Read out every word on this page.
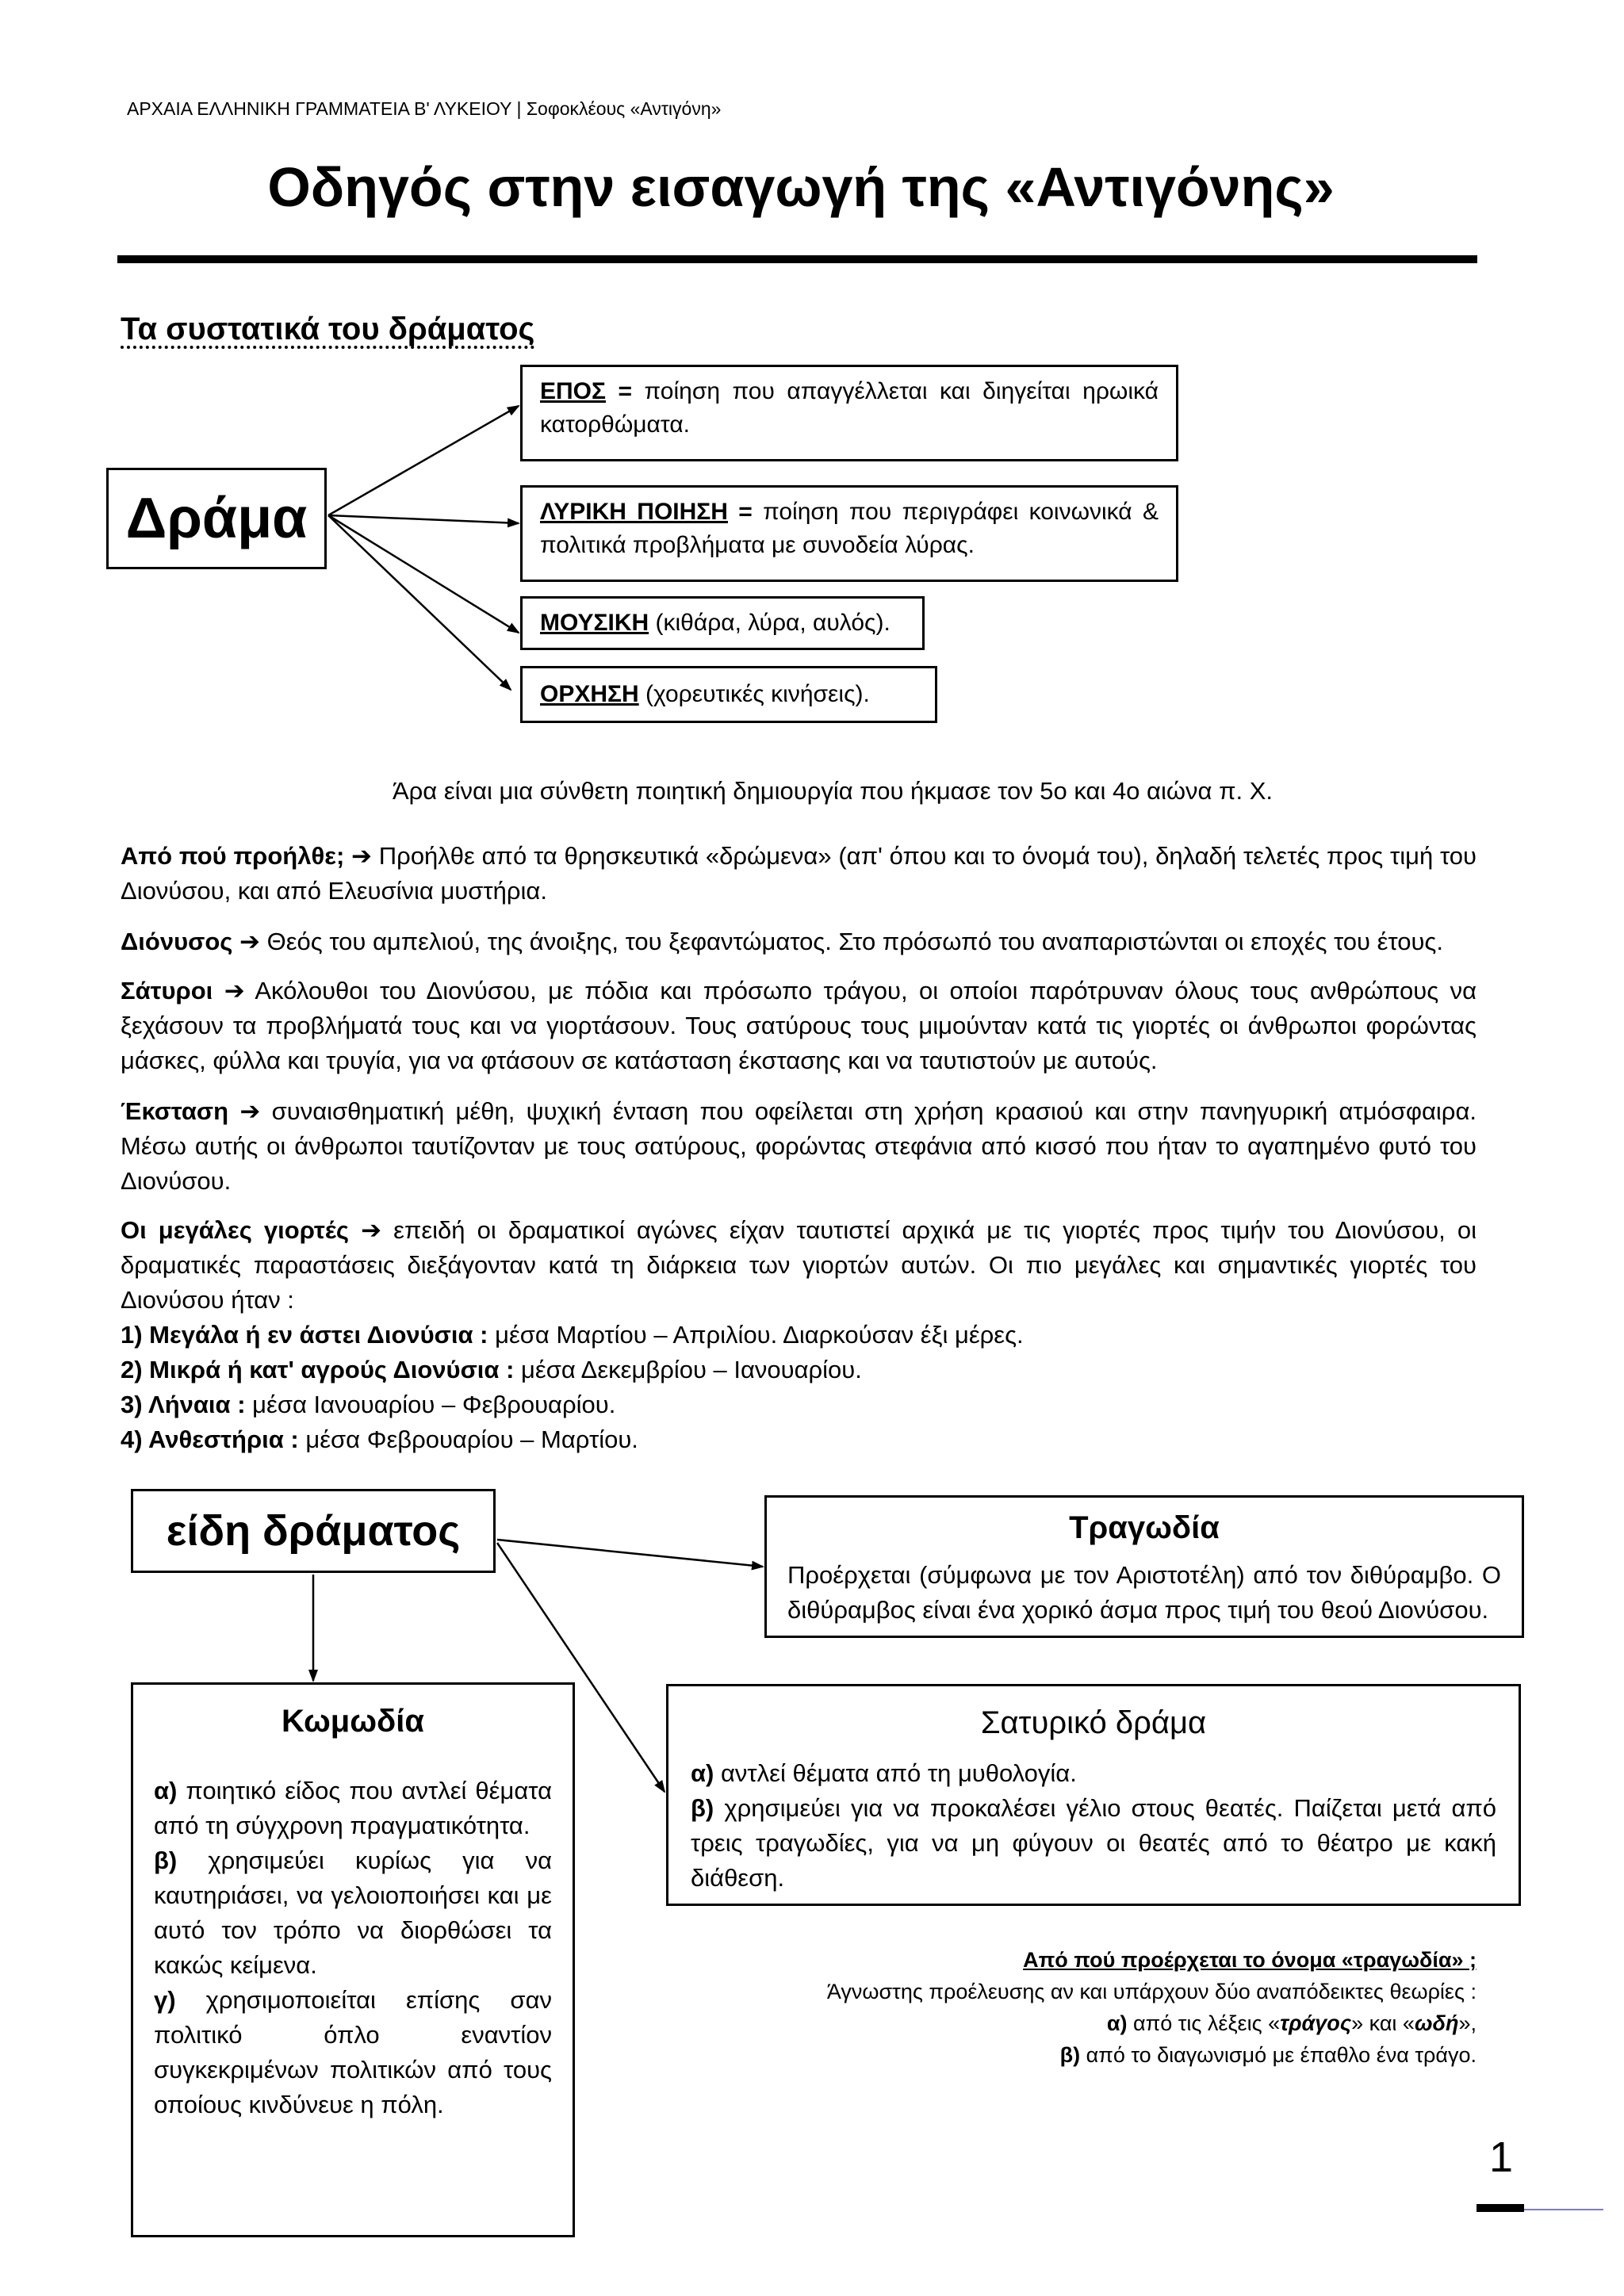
ΑΡΧΑΙΑ ΕΛΛΗΝΙΚΗ ΓΡΑΜΜΑΤΕΙΑ Β' ΛΥΚΕΙΟΥ | Σοφοκλέους «Αντιγόνη»
Οδηγός στην εισαγωγή της «Αντιγόνης»
Τα συστατικά του δράματος
Δράμα
ΕΠΟΣ = ποίηση που απαγγέλλεται και διηγείται ηρωικά κατορθώματα.
ΛΥΡΙΚΗ ΠΟΙΗΣΗ = ποίηση που περιγράφει κοινωνικά & πολιτικά προβλήματα με συνοδεία λύρας.
ΜΟΥΣΙΚΗ (κιθάρα, λύρα, αυλός).
ΟΡΧΗΣΗ (χορευτικές κινήσεις).
Άρα είναι μια σύνθετη ποιητική δημιουργία που ήκμασε τον 5ο και 4ο αιώνα π. Χ.
Από πού προήλθε; ➔ Προήλθε από τα θρησκευτικά «δρώμενα» (απ' όπου και το όνομά του), δηλαδή τελετές προς τιμή του Διονύσου, και από Ελευσίνια μυστήρια.
Διόνυσος ➔ Θεός του αμπελιού, της άνοιξης, του ξεφαντώματος. Στο πρόσωπό του αναπαριστώνται οι εποχές του έτους.
Σάτυροι ➔ Ακόλουθοι του Διονύσου, με πόδια και πρόσωπο τράγου, οι οποίοι παρότρυναν όλους τους ανθρώπους να ξεχάσουν τα προβλήματά τους και να γιορτάσουν. Τους σατύρους τους μιμούνταν κατά τις γιορτές οι άνθρωποι φορώντας μάσκες, φύλλα και τρυγία, για να φτάσουν σε κατάσταση έκστασης και να ταυτιστούν με αυτούς.
Έκσταση ➔ συναισθηματική μέθη, ψυχική ένταση που οφείλεται στη χρήση κρασιού και στην πανηγυρική ατμόσφαιρα. Μέσω αυτής οι άνθρωποι ταυτίζονταν με τους σατύρους, φορώντας στεφάνια από κισσό που ήταν το αγαπημένο φυτό του Διονύσου.
Οι μεγάλες γιορτές ➔ επειδή οι δραματικοί αγώνες είχαν ταυτιστεί αρχικά με τις γιορτές προς τιμήν του Διονύσου, οι δραματικές παραστάσεις διεξάγονταν κατά τη διάρκεια των γιορτών αυτών. Οι πιο μεγάλες και σημαντικές γιορτές του Διονύσου ήταν :
1) Μεγάλα ή εν άστει Διονύσια : μέσα Μαρτίου – Απριλίου. Διαρκούσαν έξι μέρες.
2) Μικρά ή κατ' αγρούς Διονύσια : μέσα Δεκεμβρίου – Ιανουαρίου.
3) Λήναια : μέσα Ιανουαρίου – Φεβρουαρίου.
4) Ανθεστήρια : μέσα Φεβρουαρίου – Μαρτίου.
είδη δράματος	Τραγωδία
Προέρχεται (σύμφωνα με τον Αριστοτέλη) από τον διθύραμβο. Ο διθύραμβος είναι ένα χορικό άσμα προς τιμή του θεού Διονύσου.
Κωμωδία
α) ποιητικό είδος που αντλεί θέματα από τη σύγχρονη πραγματικότητα.
β) χρησιμεύει κυρίως για να καυτηριάσει, να γελοιοποιήσει και με αυτό τον τρόπο να διορθώσει τα κακώς κείμενα.
γ) χρησιμοποιείται επίσης σαν πολιτικό όπλο εναντίον συγκεκριμένων πολιτικών από τους οποίους κινδύνευε η πόλη.
Σατυρικό δράμα
α) αντλεί θέματα από τη μυθολογία.
β) χρησιμεύει για να προκαλέσει γέλιο στους θεατές. Παίζεται μετά από τρεις τραγωδίες, για να μη φύγουν οι θεατές από το θέατρο με κακή διάθεση.
Από πού προέρχεται το όνομα «τραγωδία» ;
Άγνωστης προέλευσης αν και υπάρχουν δύο αναπόδεικτες θεωρίες :
α) από τις λέξεις «τράγος» και «ωδή»,
β) από το διαγωνισμό με έπαθλο ένα τράγο.
1
